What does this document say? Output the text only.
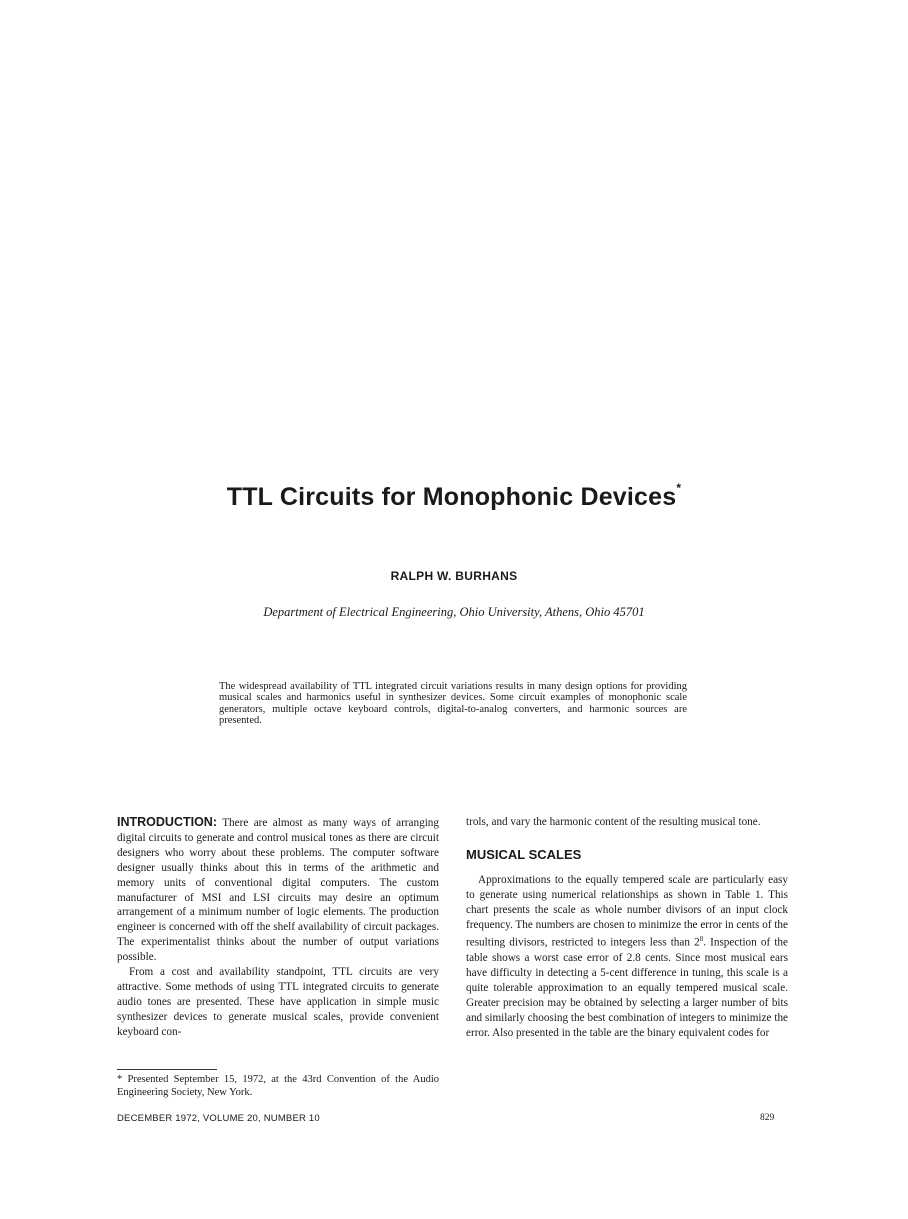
TTL Circuits for Monophonic Devices*
RALPH W. BURHANS
Department of Electrical Engineering, Ohio University, Athens, Ohio 45701
The widespread availability of TTL integrated circuit variations results in many design options for providing musical scales and harmonics useful in synthesizer devices. Some circuit examples of monophonic scale generators, multiple octave keyboard controls, digital-to-analog converters, and harmonic sources are presented.

INTRODUCTION: There are almost as many ways of arranging digital circuits to generate and control musical tones as there are circuit designers who worry about these problems. The computer software designer usually thinks about this in terms of the arithmetic and memory units of conventional digital computers. The custom manufacturer of MSI and LSI circuits may desire an optimum arrangement of a minimum number of logic elements. The production engineer is concerned with off the shelf availability of circuit packages. The experimentalist thinks about the number of output variations possible.

From a cost and availability standpoint, TTL circuits are very attractive. Some methods of using TTL integrated circuits to generate audio tones are presented. These have application in simple music synthesizer devices to generate musical scales, provide convenient keyboard con-

trols, and vary the harmonic content of the resulting musical tone.

MUSICAL SCALES

Approximations to the equally tempered scale are particularly easy to generate using numerical relationships as shown in Table 1. This chart presents the scale as whole number divisors of an input clock frequency. The numbers are chosen to minimize the error in cents of the resulting divisors, restricted to integers less than $2^8$. Inspection of the table shows a worst case error of 2.8 cents. Since most musical ears have difficulty in detecting a 5-cent difference in tuning, this scale is a quite tolerable approximation to an equally tempered musical scale. Greater precision may be obtained by selecting a larger number of bits and similarly choosing the best combination of integers to minimize the error. Also presented in the table are the binary equivalent codes for

* Presented September 15, 1972, at the 43rd Convention of the Audio Engineering Society, New York.
DECEMBER 1972, VOLUME 20, NUMBER 10	829
